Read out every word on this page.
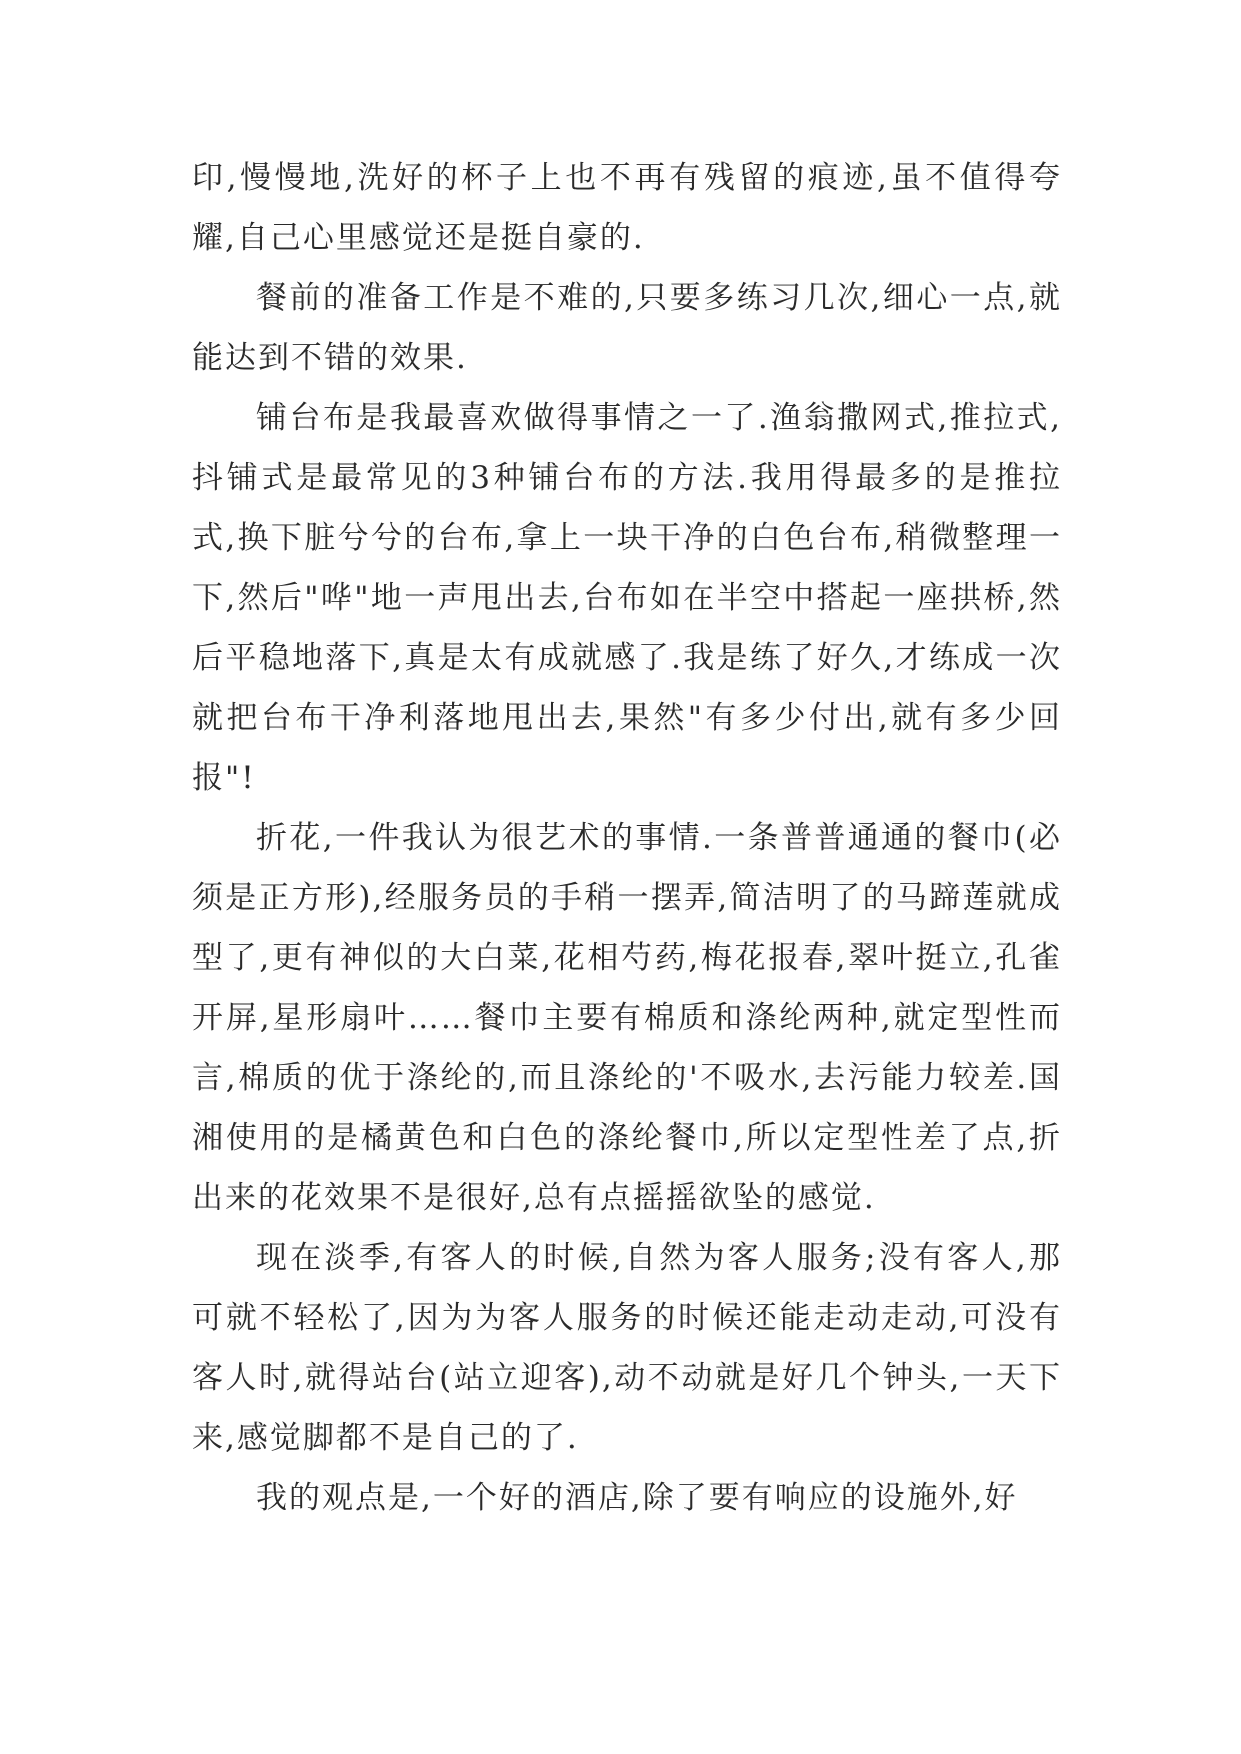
印,慢慢地,洗好的杯子上也不再有残留的痕迹,虽不值得夸耀,自己心里感觉还是挺自豪的.

餐前的准备工作是不难的,只要多练习几次,细心一点,就能达到不错的效果.

铺台布是我最喜欢做得事情之一了.渔翁撒网式,推拉式,抖铺式是最常见的3种铺台布的方法.我用得最多的是推拉式,换下脏兮兮的台布,拿上一块干净的白色台布,稍微整理一下,然后"哗"地一声甩出去,台布如在半空中搭起一座拱桥,然后平稳地落下,真是太有成就感了.我是练了好久,才练成一次就把台布干净利落地甩出去,果然"有多少付出,就有多少回报"!

折花,一件我认为很艺术的事情.一条普普通通的餐巾(必须是正方形),经服务员的手稍一摆弄,简洁明了的马蹄莲就成型了,更有神似的大白菜,花相芍药,梅花报春,翠叶挺立,孔雀开屏,星形扇叶……餐巾主要有棉质和涤纶两种,就定型性而言,棉质的优于涤纶的,而且涤纶的'不吸水,去污能力较差.国湘使用的是橘黄色和白色的涤纶餐巾,所以定型性差了点,折出来的花效果不是很好,总有点摇摇欲坠的感觉.

现在淡季,有客人的时候,自然为客人服务;没有客人,那可就不轻松了,因为为客人服务的时候还能走动走动,可没有客人时,就得站台(站立迎客),动不动就是好几个钟头,一天下来,感觉脚都不是自己的了.

我的观点是,一个好的酒店,除了要有响应的设施外,好
